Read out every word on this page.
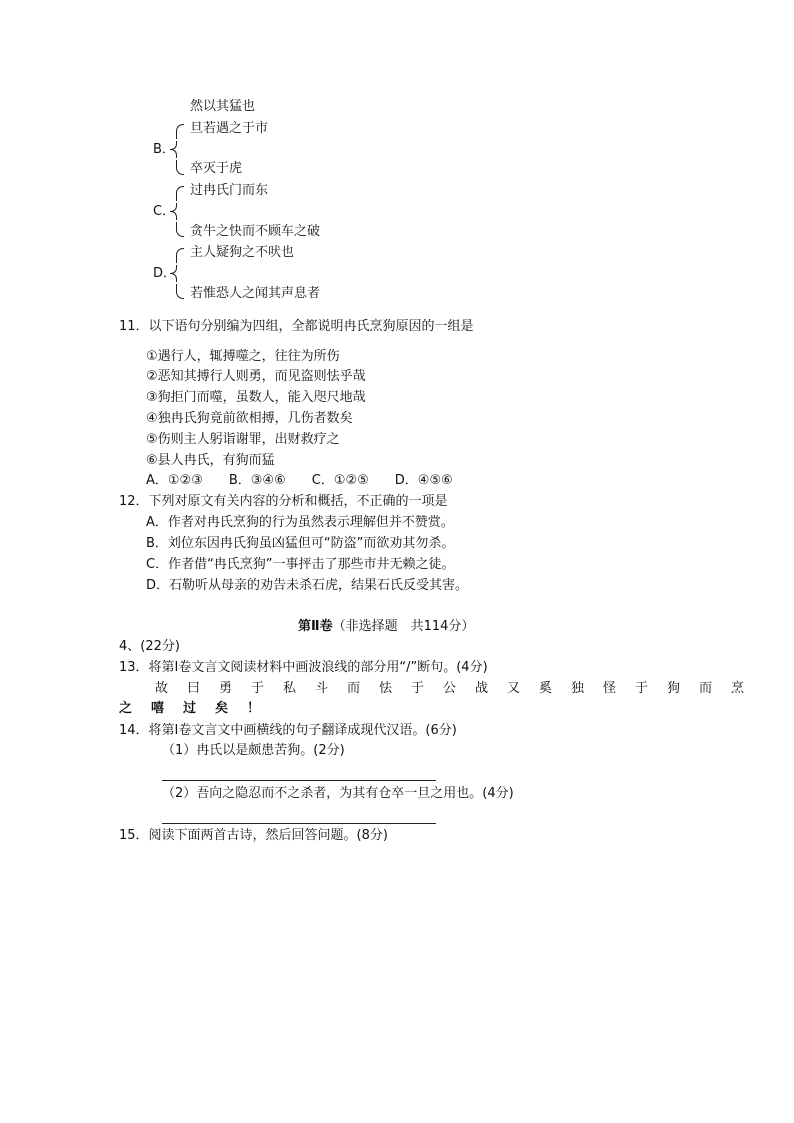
然以其猛也
B．
旦若遇之于市
卒灭于虎
C．
过冉氏门而东
贪牛之快而不顾车之破
D．
主人疑狗之不吠也
若惟恐人之闻其声息者
11．以下语句分别编为四组，全都说明冉氏烹狗原因的一组是
①遇行人，辄搏噬之，往往为所伤
②恶知其搏行人则勇，而见盗则怯乎哉
③狗拒门而噬，虽数人，能入咫尺地哉
④独冉氏狗竟前欲相搏，几伤者数矣
⑤伤则主人躬诣谢罪，出财救疗之
⑥县人冉氏，有狗而猛
A．①②③　　B．③④⑥　　C．①②⑤　　D．④⑤⑥
12．下列对原文有关内容的分析和概括，不正确的一项是
A．作者对冉氏烹狗的行为虽然表示理解但并不赞赏。
B．刘位东因冉氏狗虽凶猛但可“防盗”而欲劝其勿杀。
C．作者借“冉氏烹狗”一事抨击了那些市井无赖之徒。
D．石勒听从母亲的劝告未杀石虎，结果石氏反受其害。
第Ⅱ卷（非选择题　共114分）
4、(22分)
13．将第Ⅰ卷文言文阅读材料中画波浪线的部分用“/”断句。(4分)
故曰勇于私斗而怯于公战又奚独怪于狗而烹
之嘻过矣！
14．将第Ⅰ卷文言文中画横线的句子翻译成现代汉语。(6分)
（1）冉氏以是颇患苦狗。(2分)
（2）吾向之隐忍而不之杀者，为其有仓卒一旦之用也。(4分)
15．阅读下面两首古诗，然后回答问题。(8分)
